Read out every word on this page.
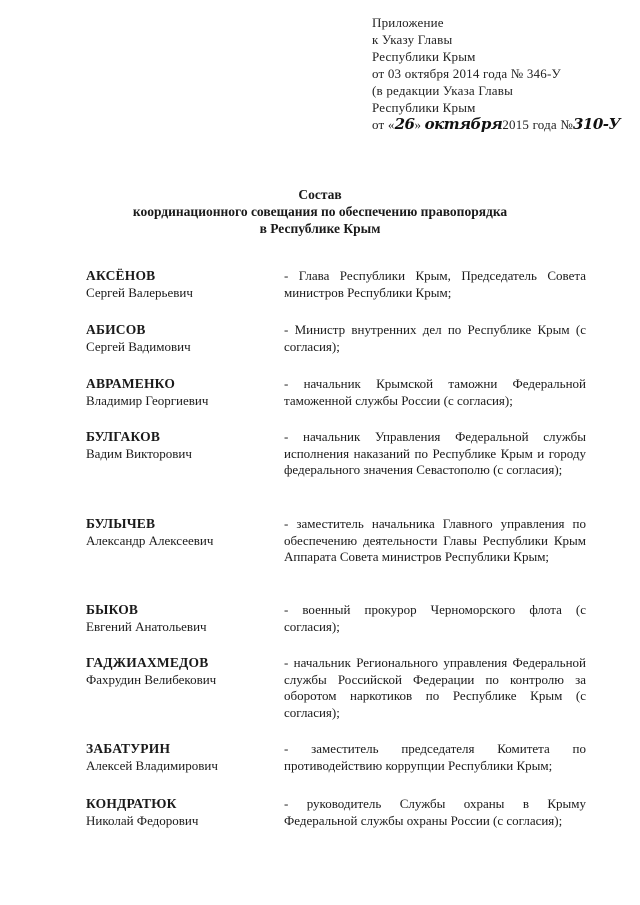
Приложение
к Указу Главы
Республики Крым
от 03 октября 2014 года № 346-У
(в редакции Указа Главы
Республики Крым
от «26» октября2015 года №310-У
Состав
координационного совещания по обеспечению правопорядка
в Республике Крым
АКСЁНОВ
Сергей Валерьевич
- Глава Республики Крым, Председатель Совета министров Республики Крым;
АБИСОВ
Сергей Вадимович
- Министр внутренних дел по Республике Крым (с согласия);
АВРАМЕНКО
Владимир Георгиевич
- начальник Крымской таможни Федеральной таможенной службы России (с согласия);
БУЛГАКОВ
Вадим Викторович
- начальник Управления Федеральной службы исполнения наказаний по Республике Крым и городу федерального значения Севастополю (с согласия);
БУЛЫЧЕВ
Александр Алексеевич
- заместитель начальника Главного управления по обеспечению деятельности Главы Республики Крым Аппарата Совета министров Республики Крым;
БЫКОВ
Евгений Анатольевич
- военный прокурор Черноморского флота (с согласия);
ГАДЖИАХМЕДОВ
Фахрудин Велибекович
- начальник Регионального управления Федеральной службы Российской Федерации по контролю за оборотом наркотиков по Республике Крым (с согласия);
ЗАБАТУРИН
Алексей Владимирович
- заместитель председателя Комитета по противодействию коррупции Республики Крым;
КОНДРАТЮК
Николай Федорович
- руководитель Службы охраны в Крыму Федеральной службы охраны России (с согласия);
